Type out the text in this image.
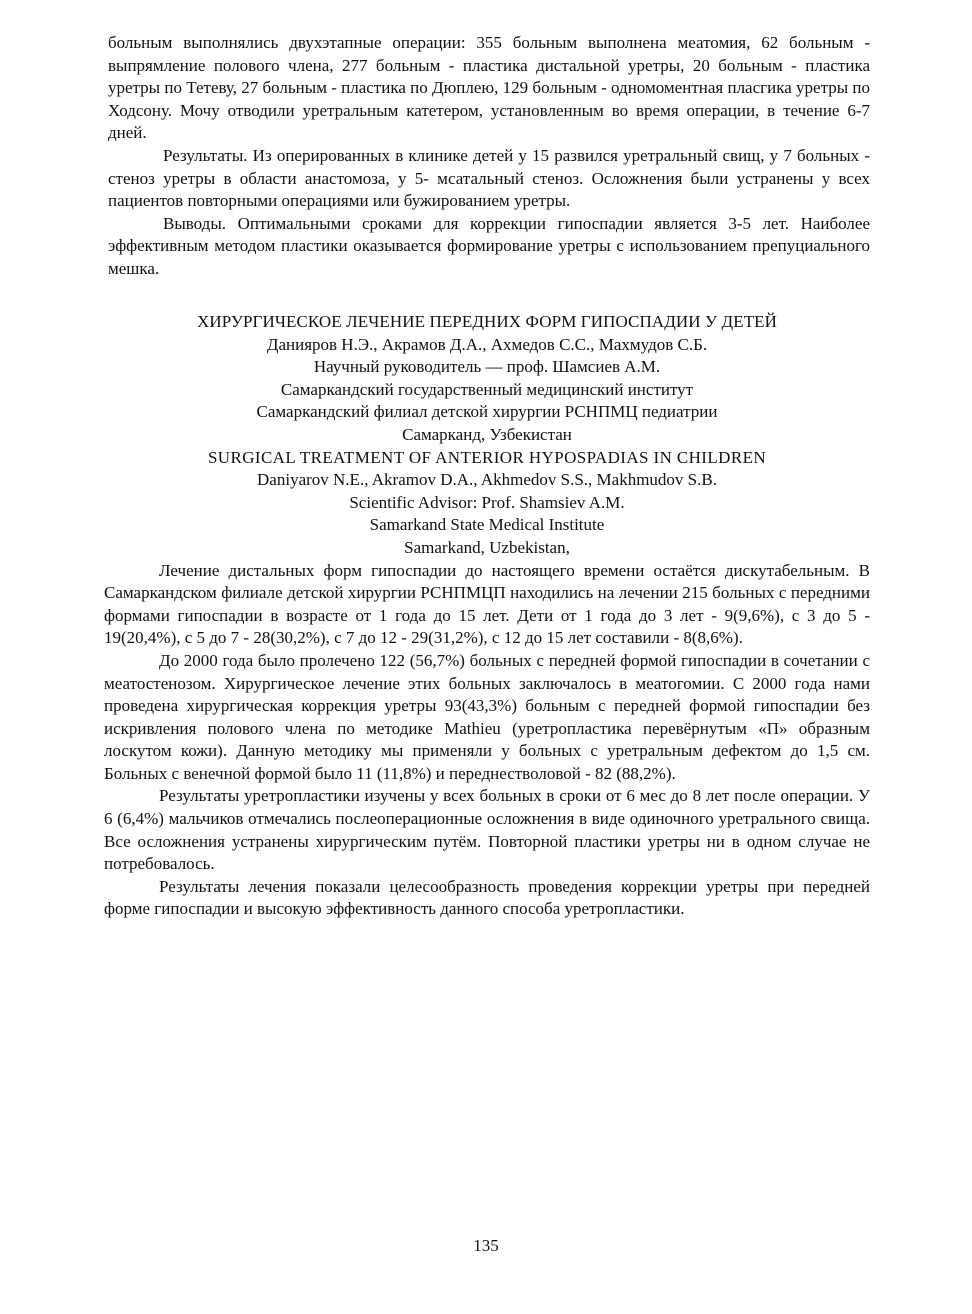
больным выполнялись двухэтапные операции: 355 больным выполнена меатомия, 62 больным - выпрямление полового члена, 277 больным - пластика дистальной уретры, 20 больным - пластика уретры по Тетеву, 27 больным - пластика по Дюплею, 129 больным - одномоментная пласгика уретры по Ходсону. Мочу отводили уретральным катетером, установленным во время операции, в течение 6-7 дней.

Результаты. Из оперированных в клинике детей у 15 развился уретральный свищ, у 7 больных - стеноз уретры в области анастомоза, у 5- мсатальный стеноз. Осложнения были устранены у всех пациентов повторными операциями или бужированием уретры.

Выводы. Оптимальными сроками для коррекции гипоспадии является 3-5 лет. Наиболее эффективным методом пластики оказывается формирование уретры с использованием препуциального мешка.

ХИРУРГИЧЕСКОЕ ЛЕЧЕНИЕ ПЕРЕДНИХ ФОРМ ГИПОСПАДИИ У ДЕТЕЙ

Данияров Н.Э., Акрамов Д.А., Ахмедов С.С., Махмудов С.Б.

Научный руководитель — проф. Шамсиев А.М.

Самаркандский государственный медицинский институт

Самаркандский филиал детской хирургии РСНПМЦ педиатрии

Самарканд, Узбекистан

SURGICAL TREATMENT OF ANTERIOR HYPOSPADIAS IN CHILDREN

Daniyarov N.E., Akramov D.A., Akhmedov S.S., Makhmudov S.B.

Scientific Advisor: Prof. Shamsiev A.M.

Samarkand State Medical Institute

Samarkand, Uzbekistan,

Лечение дистальных форм гипоспадии до настоящего времени остаётся дискутабельным. В Самаркандском филиале детской хирургии РСНПМЦП находились на лечении 215 больных с передними формами гипоспадии в возрасте от 1 года до 15 лет. Дети от 1 года до 3 лет - 9(9,6%), с 3 до 5 - 19(20,4%), с 5 до 7 - 28(30,2%), с 7 до 12 - 29(31,2%), с 12 до 15 лет составили - 8(8,6%).

До 2000 года было пролечено 122 (56,7%) больных с передней формой гипоспадии в сочетании с меатостенозом. Хирургическое лечение этих больных заключалось в меатогомии. С 2000 года нами проведена хирургическая коррекция уретры 93(43,3%) больным с передней формой гипоспадии без искривления полового члена по методике Mathieu (уретропластика перевёрнутым «П» образным лоскутом кожи). Данную методику мы применяли у больных с уретральным дефектом до 1,5 см. Больных с венечной формой было 11 (11,8%) и переднестволовой - 82 (88,2%).

Результаты уретропластики изучены у всех больных в сроки от 6 мес до 8 лет после операции. У 6 (6,4%) мальчиков отмечались послеоперационные осложнения в виде одиночного уретрального свища. Все осложнения устранены хирургическим путём. Повторной пластики уретры ни в одном случае не потребовалось.

Результаты лечения показали целесообразность проведения коррекции уретры при передней форме гипоспадии и высокую эффективность данного способа уретропластики.

135
